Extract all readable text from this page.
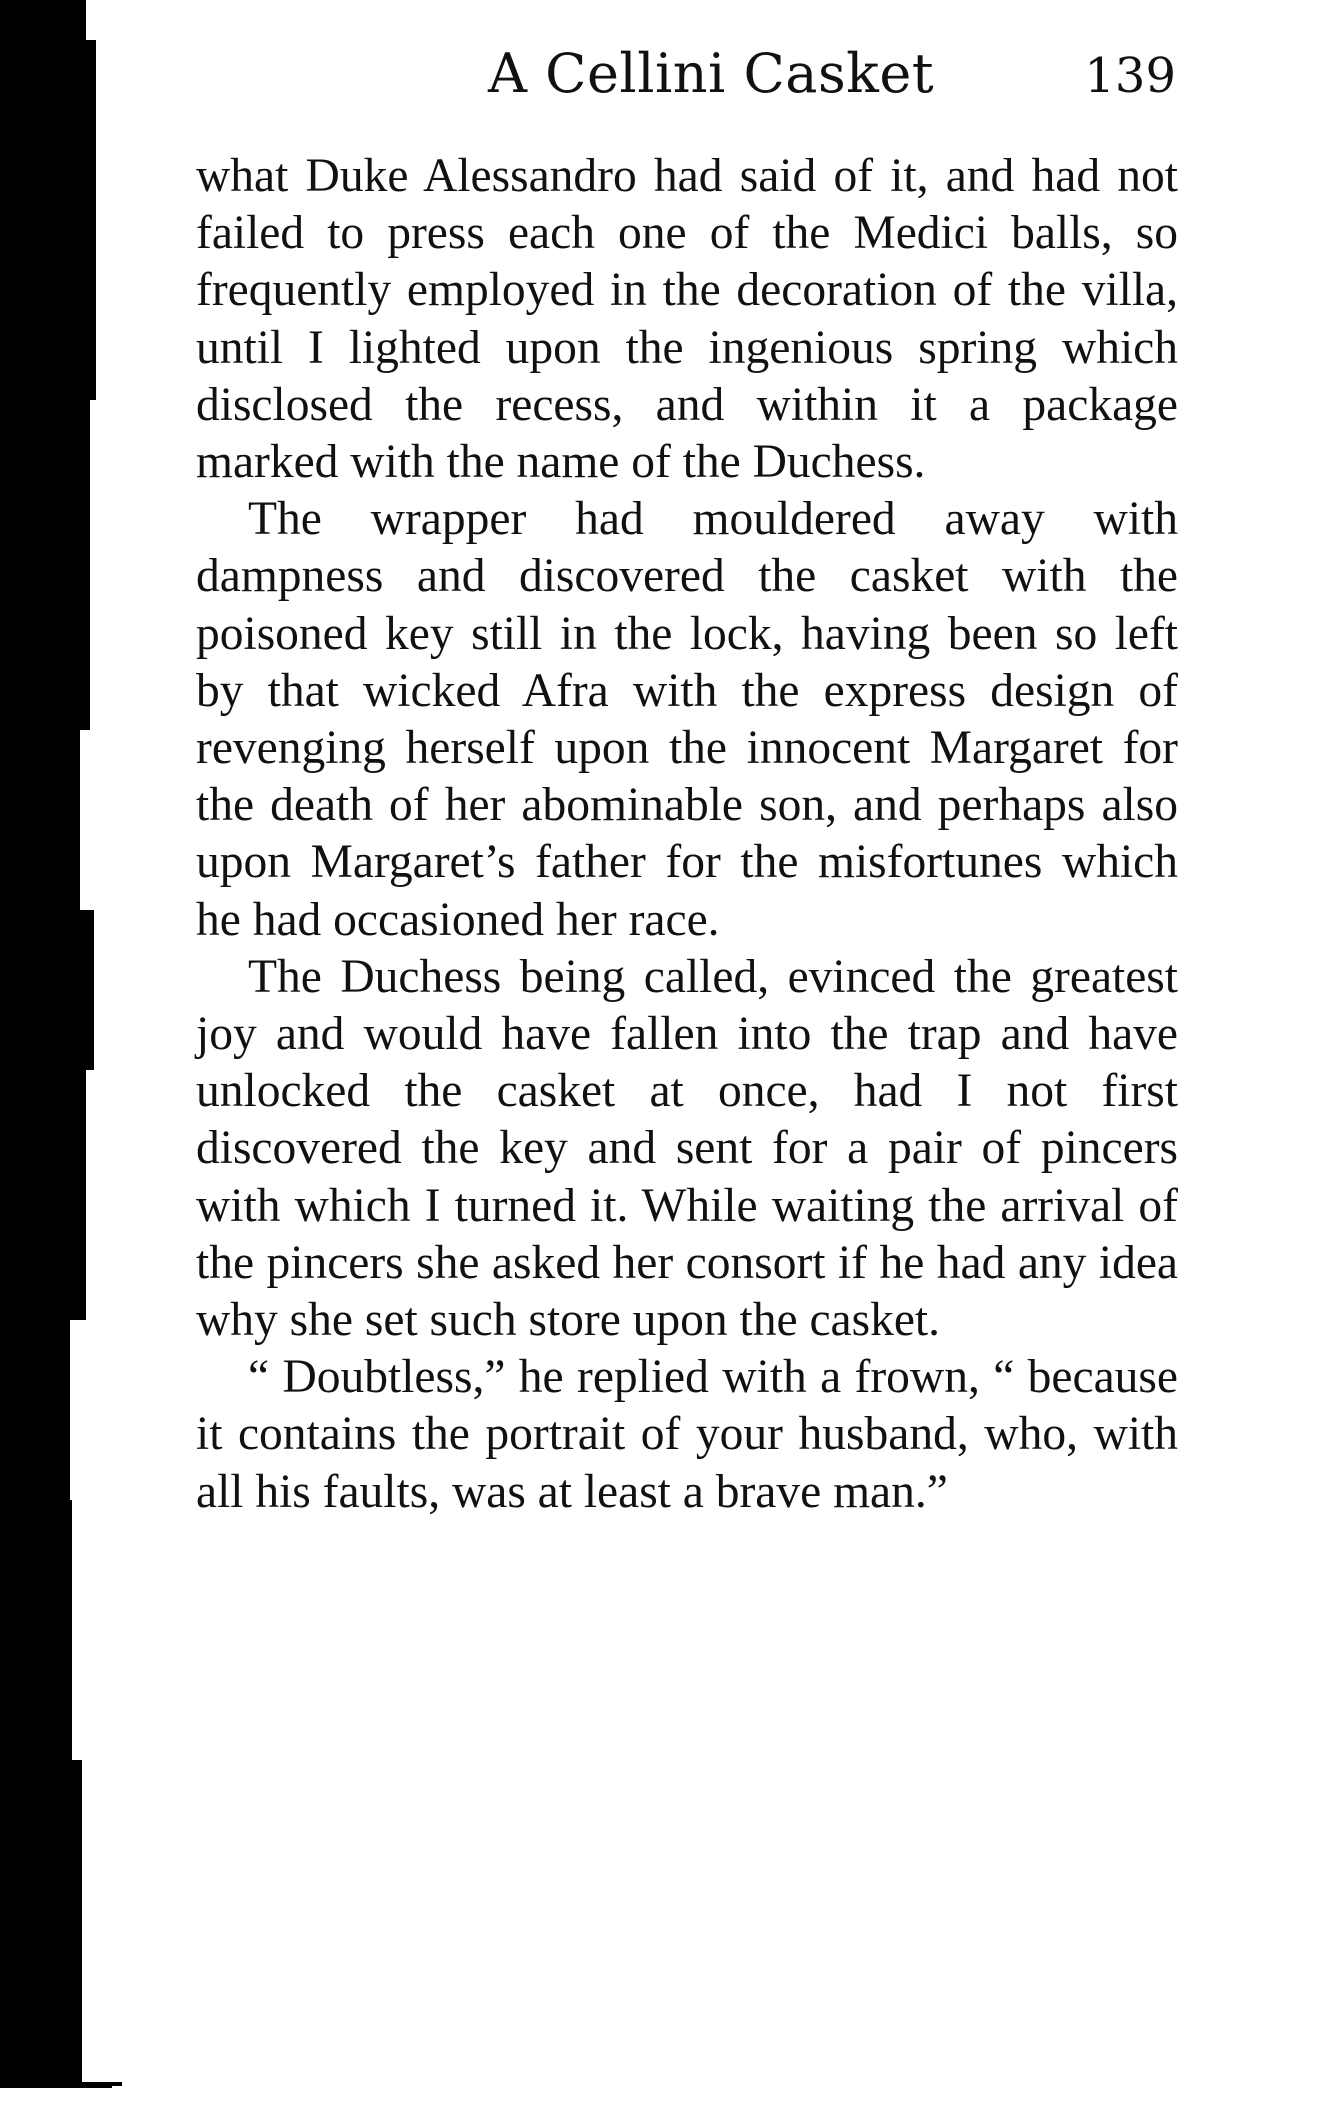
A Cellini Casket	139

what Duke Alessandro had said of it, and had not failed to press each one of the Medici balls, so frequently employed in the decoration of the villa, until I lighted upon the ingenious spring which disclosed the recess, and within it a package marked with the name of the Duchess.

The wrapper had mouldered away with dampness and discovered the casket with the poisoned key still in the lock, having been so left by that wicked Afra with the express design of revenging herself upon the innocent Margaret for the death of her abominable son, and perhaps also upon Margaret’s father for the misfortunes which he had occasioned her race.

The Duchess being called, evinced the greatest joy and would have fallen into the trap and have unlocked the casket at once, had I not first discovered the key and sent for a pair of pincers with which I turned it. While waiting the arrival of the pincers she asked her consort if he had any idea why she set such store upon the casket.

“ Doubtless,” he replied with a frown, “ because it contains the portrait of your husband, who, with all his faults, was at least a brave man.”
